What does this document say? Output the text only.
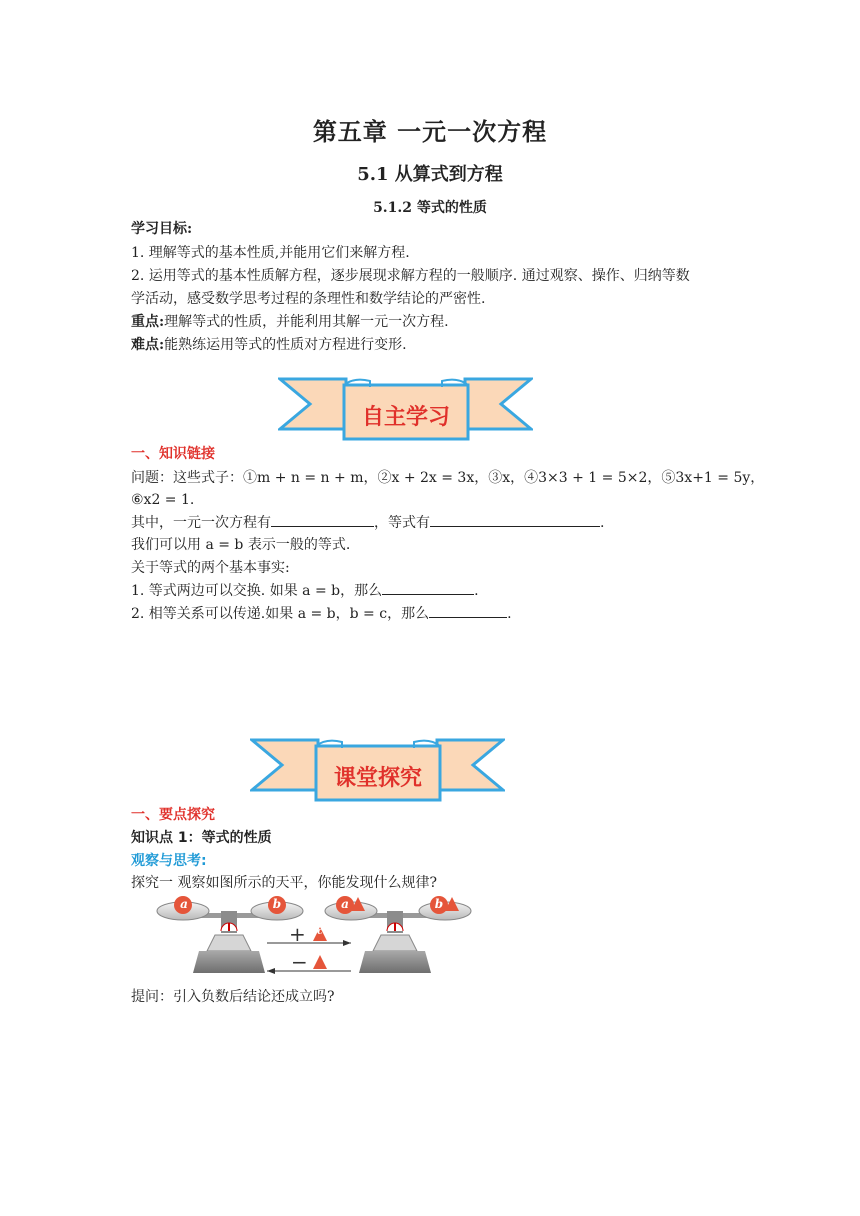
第五章 一元一次方程
5.1 从算式到方程
5.1.2 等式的性质
学习目标:
1. 理解等式的基本性质,并能用它们来解方程.
2. 运用等式的基本性质解方程，逐步展现求解方程的一般顺序. 通过观察、操作、归纳等数
学活动，感受数学思考过程的条理性和数学结论的严密性.
重点:理解等式的性质，并能利用其解一元一次方程.
难点:能熟练运用等式的性质对方程进行变形.
自主学习
一、知识链接
问题：这些式子：①m + n = n + m，②x + 2x = 3x，③x，④3×3 + 1 = 5×2，⑤3x+1 = 5y，
⑥x2 = 1.
其中，一元一次方程有	，等式有	.
我们可以用 a = b 表示一般的等式.
关于等式的两个基本事实:
1. 等式两边可以交换. 如果 a = b，那么	.
2. 相等关系可以传递.如果 a = b，b = c，那么	.
课堂探究
一、要点探究
知识点 1：等式的性质
观察与思考:
探究一 观察如图所示的天平，你能发现什么规律?
a	b	a	b
c
+
−
提问：引入负数后结论还成立吗?
